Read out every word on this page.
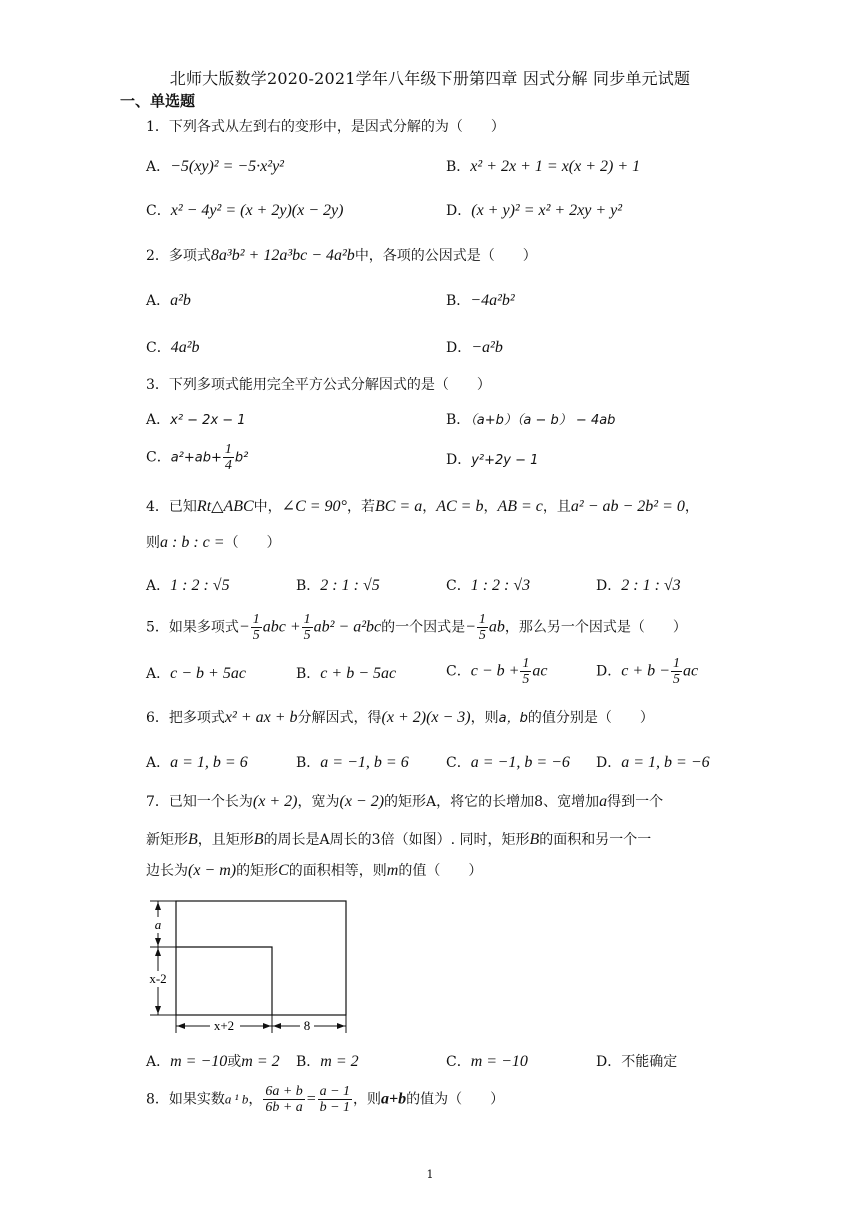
北师大版数学2020-2021学年八年级下册第四章 因式分解 同步单元试题
一、单选题
1．下列各式从左到右的变形中，是因式分解的为（　　）
A．−5(xy)² = −5·x²y²	B．x² + 2x + 1 = x(x + 2) + 1
C．x² − 4y² = (x + 2y)(x − 2y)	D．(x + y)² = x² + 2xy + y²
2．多项式8a³b² + 12a³bc − 4a²b中，各项的公因式是（　　）
A．a²b	B．−4a²b²
C．4a²b	D．−a²b
3．下列多项式能用完全平方公式分解因式的是（　　）
A．x² − 2x − 1	B．（a+b）（a − b） − 4ab
C．$a^2+ab+ \frac{1}{4} b^2$	D．y²+2y − 1
4．已知Rt△ABC中，∠C = 90°，若BC = a，AC = b，AB = c，且a² − ab − 2b² = 0，
则a : b : c =（　　）
A．1 : 2 : √5	B．2 : 1 : √5	C．1 : 2 : √3	D．2 : 1 : √3
5．如果多项式− $\frac{1}{5}$ abc + $\frac{1}{5} ab^2 - a^2bc$的一个因式是− $\frac{1}{5}$ ab，那么另一个因式是（　　）
A．c − b + 5ac	B．c + b − 5ac	C．$c - b + \frac{1}{5}$ ac	D．$c + b - \frac{1}{5}$ ac
6．把多项式x² + ax + b分解因式，得(x + 2)(x − 3)，则a，b的值分别是（　　）
A．a = 1, b = 6	B．a = −1, b = 6	C．a = −1, b = −6 D．a = 1, b = −6
7．已知一个长为(x + 2)，宽为(x − 2)的矩形A，将它的长增加8、宽增加a得到一个
新矩形B，且矩形B的周长是A周长的3倍（如图）. 同时，矩形B的面积和另一个一
边长为(x − m)的矩形C的面积相等，则m的值（　　）
a
x-2
x+2	8
A．m = −10或m = 2 B．m = 2	C．m = −10	D．不能确定
8．如果实数a ¹ b， $\frac{6a + b}{6b + a} = \frac{a - 1}{b - 1}$ ，则a+b的值为（　　）
1
